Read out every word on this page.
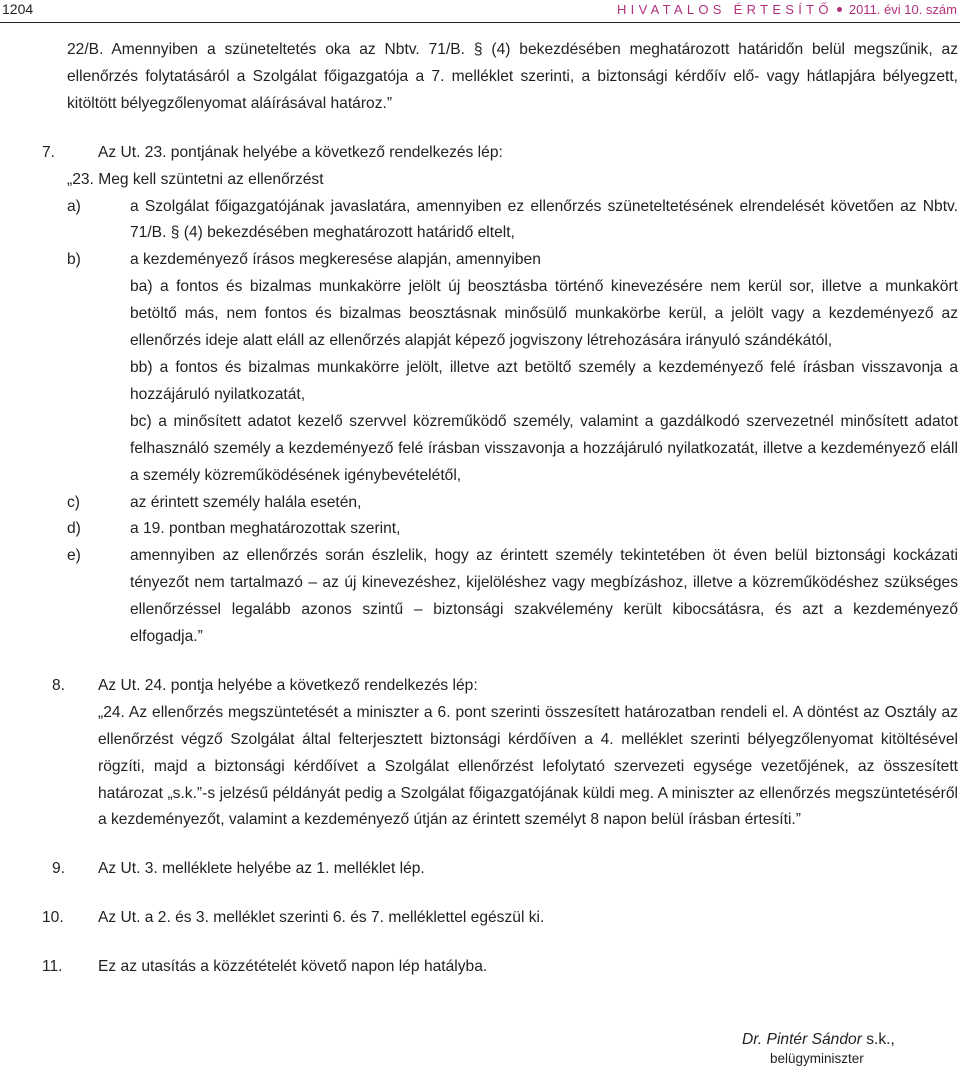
1204	HIVATALOS ÉRTESÍTŐ 2011. évi 10. szám

22/B. Amennyiben a szüneteltetés oka az Nbtv. 71/B. § (4) bekezdésében meghatározott határidőn belül megszűnik, az ellenőrzés folytatásáról a Szolgálat főigazgatója a 7. melléklet szerinti, a biztonsági kérdőív elő- vagy hátlapjára bélyegzett, kitöltött bélyegzőlenyomat aláírásával határoz.”

7.	Az Ut. 23. pontjának helyébe a következő rendelkezés lép:

„23. Meg kell szüntetni az ellenőrzést

a)	a Szolgálat főigazgatójának javaslatára, amennyiben ez ellenőrzés szüneteltetésének elrendelését követően az Nbtv. 71/B. § (4) bekezdésében meghatározott határidő eltelt,
b)	a kezdeményező írásos megkeresése alapján, amennyiben

ba) a fontos és bizalmas munkakörre jelölt új beosztásba történő kinevezésére nem kerül sor, illetve a munkakört betöltő más, nem fontos és bizalmas beosztásnak minősülő munkakörbe kerül, a jelölt vagy a kezdeményező az ellenőrzés ideje alatt eláll az ellenőrzés alapját képező jogviszony létrehozására irányuló szándékától,

bb) a fontos és bizalmas munkakörre jelölt, illetve azt betöltő személy a kezdeményező felé írásban visszavonja a hozzájáruló nyilatkozatát,

bc) a minősített adatot kezelő szervvel közreműködő személy, valamint a gazdálkodó szervezetnél minősített adatot felhasználó személy a kezdeményező felé írásban visszavonja a hozzájáruló nyilatkozatát, illetve a kezdeményező eláll a személy közreműködésének igénybevételétől,

c)	az érintett személy halála esetén,
d)	a 19. pontban meghatározottak szerint,
e)	amennyiben az ellenőrzés során észlelik, hogy az érintett személy tekintetében öt éven belül biztonsági kockázati tényezőt nem tartalmazó – az új kinevezéshez, kijelöléshez vagy megbízáshoz, illetve a közreműködéshez szükséges ellenőrzéssel legalább azonos szintű – biztonsági szakvélemény került kibocsátásra, és azt a kezdeményező elfogadja.”
8. Az Ut. 24. pontja helyébe a következő rendelkezés lép:

„24. Az ellenőrzés megszüntetését a miniszter a 6. pont szerinti összesített határozatban rendeli el. A döntést az Osztály az ellenőrzést végző Szolgálat által felterjesztett biztonsági kérdőíven a 4. melléklet szerinti bélyegzőlenyomat kitöltésével rögzíti, majd a biztonsági kérdőívet a Szolgálat ellenőrzést lefolytató szervezeti egysége vezetőjének, az összesített határozat „s.k.”-s jelzésű példányát pedig a Szolgálat főigazgatójának küldi meg. A miniszter az ellenőrzés megszüntetéséről a kezdeményezőt, valamint a kezdeményező útján az érintett személyt 8 napon belül írásban értesíti.”

9. Az Ut. 3. melléklete helyébe az 1. melléklet lép.
10. Az Ut. a 2. és 3. melléklet szerinti 6. és 7. melléklettel egészül ki.
11. Ez az utasítás a közzétételét követő napon lép hatályba.
Dr. Pintér Sándor s.k.,
belügyminiszter
